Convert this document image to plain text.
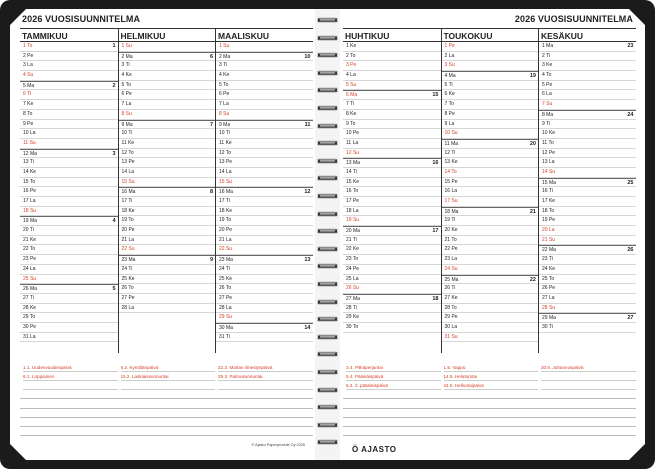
2026 VUOSISUUNNITELMA
TAMMIKUU
1 To	1
2 Pe
3 La
4 Su
5 Ma	2
6 Ti
7 Ke
8 To
9 Pe
10 La
11 Su
12 Ma	3
13 Ti
14 Ke
15 To
16 Pe
17 La
18 Su
19 Ma	4
20 Ti
21 Ke
22 To
23 Pe
24 La
25 Su
26 Ma	5
27 Ti
28 Ke
29 To
30 Pe
31 La
HELMIKUU
1 Su
2 Ma	6
3 Ti
4 Ke
5 To
6 Pe
7 La
8 Su
9 Ma	7
10 Ti
11 Ke
12 To
13 Pe
14 La
15 Su
16 Ma	8
17 Ti
18 Ke
19 To
20 Pe
21 La
22 Su
23 Ma	9
24 Ti
25 Ke
26 To
27 Pe
28 La
MAALISKUU
1 Su
2 Ma	10
3 Ti
4 Ke
5 To
6 Pe
7 La
8 Su
9 Ma	11
10 Ti
11 Ke
12 To
13 Pe
14 La
15 Su
16 Ma	12
17 Ti
18 Ke
19 To
20 Pe
21 La
22 Su
23 Ma	13
24 Ti
25 Ke
26 To
27 Pe
28 La
29 Su
30 Ma	14
31 Ti
1.1. Uudenvuodenpäivä
6.1. Loppiainen
8.2. Kynttilänpäivä
15.2. Laskiaissunnuntai
22.3. Marian ilmestyspäivä
29.3. Palmusunnuntai
© Ajasto Paperprodukt Oy 2026
2026 VUOSISUUNNITELMA
HUHTIKUU
1 Ke
2 To
3 Pe
4 La
5 Su
6 Ma	15
7 Ti
8 Ke
9 To
10 Pe
11 La
12 Su
13 Ma	16
14 Ti
15 Ke
16 To
17 Pe
18 La
19 Su
20 Ma	17
21 Ti
22 Ke
23 To
24 Pe
25 La
26 Su
27 Ma	18
28 Ti
29 Ke
30 To
TOUKOKUU
1 Pe
2 La
3 Su
4 Ma	19
5 Ti
6 Ke
7 To
8 Pe
9 La
10 Su
11 Ma	20
12 Ti
13 Ke
14 To
15 Pe
16 La
17 Su
18 Ma	21
19 Ti
20 Ke
21 To
22 Pe
23 La
24 Su
25 Ma	22
26 Ti
27 Ke
28 To
29 Pe
30 La
31 Su
KESÄKUU
1 Ma	23
2 Ti
3 Ke
4 To
5 Pe
6 La
7 Su
8 Ma	24
9 Ti
10 Ke
11 To
12 Pe
13 La
14 Su
15 Ma	25
16 Ti
17 Ke
18 To
19 Pe
20 La
21 Su
22 Ma	26
23 Ti
24 Ke
25 To
26 Pe
27 La
28 Su
29 Ma	27
30 Ti
3.4. Pitkäperjantai
5.4. Pääsiäispäivä
6.4. 2. pääsiäispäivä
1.5. Vappu
14.5. Helatorstai
24.5. Helluntaipäivä
20.6. Juhannuspäivä
Ö AJASTO
